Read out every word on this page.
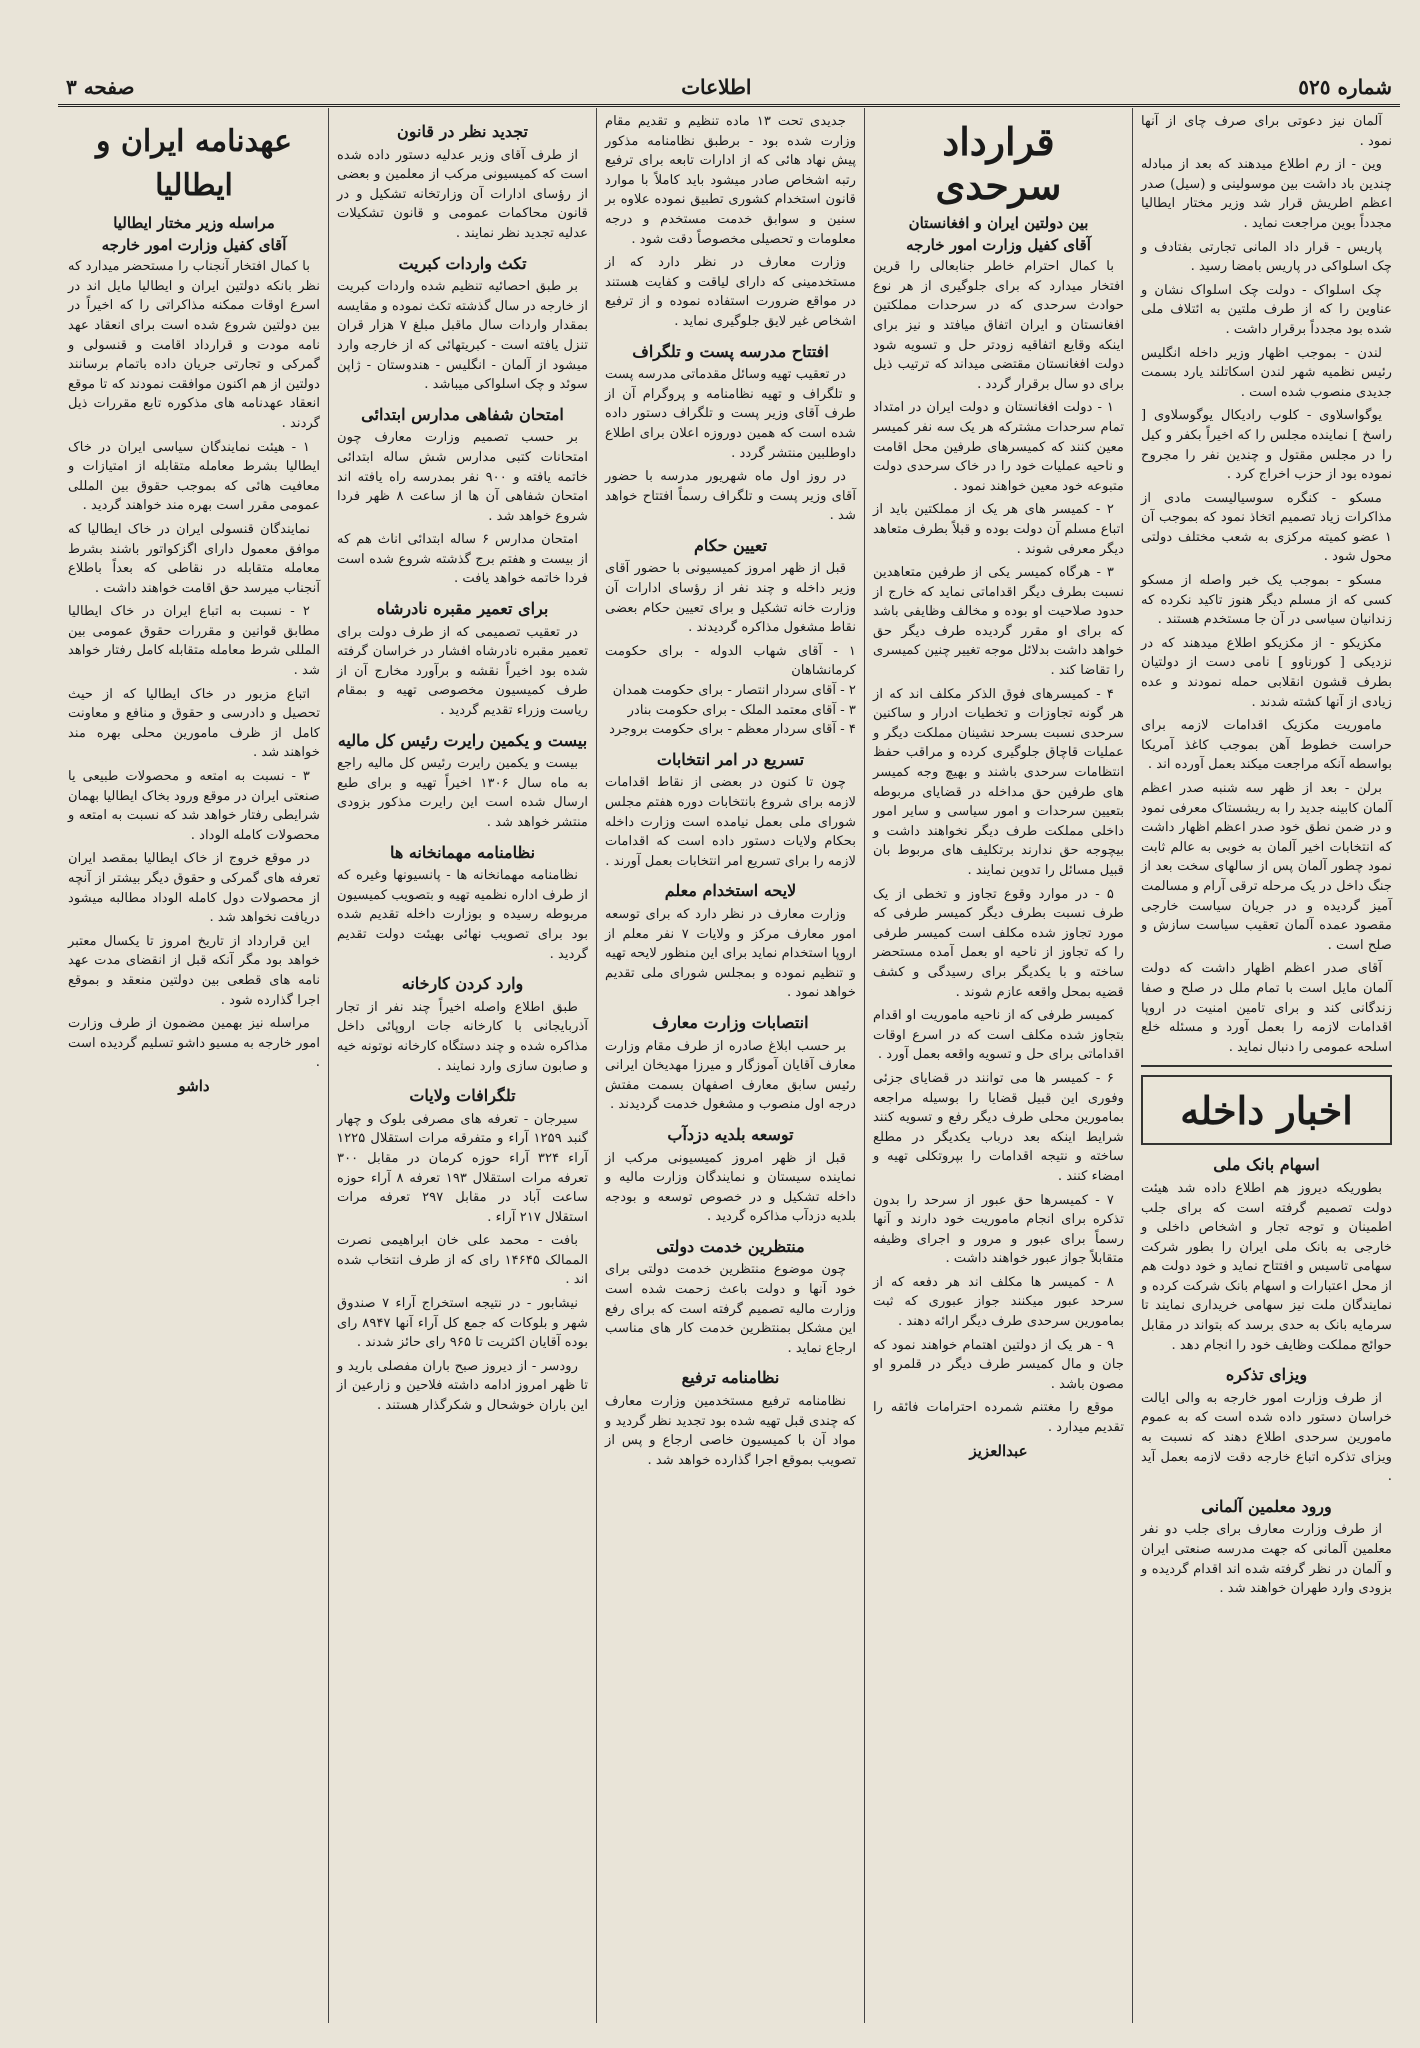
صفحه ٣	اطلاعات	شماره ٥٢٥

آلمان نیز دعوتی برای صرف چای از آنها نمود .

وین - از رم اطلاع میدهند که بعد از مبادله چندین باد داشت بین موسولینی و (سیل) صدر اعظم اطریش قرار شد وزیر مختار ایطالیا مجدداً بوین مراجعت نماید .

پاریس - قرار داد المانی تجارتی بفتادف و چک اسلواکی در پاریس بامضا رسید .

چک اسلواک - دولت چک اسلواک نشان و عناوین را که از طرف ملتین به ائتلاف ملی شده بود مجدداً برقرار داشت .

لندن - بموجب اظهار وزیر داخله انگلیس رئیس نظمیه شهر لندن اسکاتلند یارد بسمت جدیدی منصوب شده است .

یوگواسلاوی - کلوب رادیکال یوگوسلاوی [ راسخ ] نماینده مجلس را که اخیراً بکفر و کیل را در مجلس مقتول و چندین نفر را مجروح نموده بود از حزب اخراج کرد .

مسکو - کنگره سوسیالیست مادی از مذاکرات زیاد تصمیم اتخاذ نمود که بموجب آن ۱ عضو کمیته مرکزی به شعب مختلف دولتی محول شود .

مسکو - بموجب یک خبر واصله از مسکو کسی که از مسلم دیگر هنوز تاکید نکرده که زندانیان سیاسی در آن جا مستخدم هستند .

مکزیکو - از مکزیکو اطلاع میدهند که در نزدیکی [ کورناوو ] نامی دست از دولتیان بطرف قشون انقلابی حمله نمودند و عده زیادی از آنها کشته شدند .

ماموریت مکزیک اقدامات لازمه برای حراست خطوط آهن بموجب کاغذ آمریکا بواسطه آنکه مراجعت میکند بعمل آورده اند .

برلن - بعد از ظهر سه شنبه صدر اعظم آلمان کابینه جدید را به ریشستاک معرفی نمود و در ضمن نطق خود صدر اعظم اظهار داشت که انتخابات اخیر آلمان به خوبی به عالم ثابت نمود چطور آلمان پس از سالهای سخت بعد از جنگ داخل در یک مرحله ترقی آرام و مسالمت آمیز گردیده و در جریان سیاست خارجی مقصود عمده آلمان تعقیب سیاست سازش و صلح است .

آقای صدر اعظم اظهار داشت که دولت آلمان مایل است با تمام ملل در صلح و صفا زندگانی کند و برای تامین امنیت در اروپا اقدامات لازمه را بعمل آورد و مسئله خلع اسلحه عمومی را دنبال نماید .

اخبار داخله
اسهام بانک ملی

بطوریکه دیروز هم اطلاع داده شد هیئت دولت تصمیم گرفته است که برای جلب اطمینان و توجه تجار و اشخاص داخلی و خارجی به بانک ملی ایران را بطور شرکت سهامی تاسیس و افتتاح نماید و خود دولت هم از محل اعتبارات و اسهام بانک شرکت کرده و نمایندگان ملت نیز سهامی خریداری نمایند تا سرمایه بانک به حدی برسد که بتواند در مقابل حوائج مملکت وظایف خود را انجام دهد .

ویزای تذکره

از طرف وزارت امور خارجه به والی ایالت خراسان دستور داده شده است که به عموم مامورین سرحدی اطلاع دهند که نسبت به ویزای تذکره اتباع خارجه دقت لازمه بعمل آید .

ورود معلمین آلمانی

از طرف وزارت معارف برای جلب دو نفر معلمین آلمانی که جهت مدرسه صنعتی ایران و آلمان در نظر گرفته شده اند اقدام گردیده و بزودی وارد طهران خواهند شد .

قرارداد سرحدی
بین دولتین ایران و افغانستان
آقای کفیل وزارت امور خارجه

با کمال احترام خاطر جنابعالی را قرین افتخار میدارد که برای جلوگیری از هر نوع حوادث سرحدی که در سرحدات مملکتین افغانستان و ایران اتفاق میافتد و نیز برای اینکه وقایع اتفاقیه زودتر حل و تسویه شود دولت افغانستان مقتضی میداند که ترتیب ذیل برای دو سال برقرار گردد .

۱ - دولت افغانستان و دولت ایران در امتداد تمام سرحدات مشترکه هر یک سه نفر کمیسر معین کنند که کمیسرهای طرفین محل اقامت و ناحیه عملیات خود را در خاک سرحدی دولت متبوعه خود معین خواهند نمود .

۲ - کمیسر های هر یک از مملکتین باید از اتباع مسلم آن دولت بوده و قبلاً بطرف متعاهد دیگر معرفی شوند .

۳ - هرگاه کمیسر یکی از طرفین متعاهدین نسبت بطرف دیگر اقداماتی نماید که خارج از حدود صلاحیت او بوده و مخالف وظایفی باشد که برای او مقرر گردیده طرف دیگر حق خواهد داشت بدلائل موجه تغییر چنین کمیسری را تقاضا کند .

۴ - کمیسرهای فوق الذکر مکلف اند که از هر گونه تجاوزات و تخطیات ادرار و ساکنین سرحدی نسبت بسرحد نشینان مملکت دیگر و عملیات قاچاق جلوگیری کرده و مراقب حفظ انتظامات سرحدی باشند و بهیچ وجه کمیسر های طرفین حق مداخله در قضایای مربوطه بتعیین سرحدات و امور سیاسی و سایر امور داخلی مملکت طرف دیگر نخواهند داشت و بیچوجه حق ندارند برتکلیف های مربوط بان قبیل مسائل را تدوین نمایند .

۵ - در موارد وقوع تجاوز و تخطی از یک طرف نسبت بطرف دیگر کمیسر طرفی که مورد تجاوز شده مکلف است کمیسر طرفی را که تجاوز از ناحیه او بعمل آمده مستحضر ساخته و با یکدیگر برای رسیدگی و کشف قضیه بمحل واقعه عازم شوند .

کمیسر طرفی که از ناحیه ماموریت او اقدام بتجاوز شده مکلف است که در اسرع اوقات اقداماتی برای حل و تسویه واقعه بعمل آورد .

۶ - کمیسر ها می توانند در قضایای جزئی وفوری این قبیل قضایا را بوسیله مراجعه بمامورین محلی طرف دیگر رفع و تسویه کنند شرایط اینکه بعد درباب یکدیگر در مطلع ساخته و نتیجه اقدامات را بپروتکلی تهیه و امضاء کنند .

۷ - کمیسرها حق عبور از سرحد را بدون تذکره برای انجام ماموریت خود دارند و آنها رسماً برای عبور و مرور و اجرای وظیفه متقابلاً جواز عبور خواهند داشت .

۸ - کمیسر ها مکلف اند هر دفعه که از سرحد عبور میکنند جواز عبوری که ثبت بمامورین سرحدی طرف دیگر ارائه دهند .

۹ - هر یک از دولتین اهتمام خواهند نمود که جان و مال کمیسر طرف دیگر در قلمرو او مصون باشد .

موقع را مغتنم شمرده احترامات فائقه را تقدیم میدارد .

عبدالعزیز

جدیدی تحت ۱۳ ماده تنظیم و تقدیم مقام وزارت شده بود - برطبق نظامنامه مذکور پیش نهاد هائی که از ادارات تابعه برای ترفیع رتبه اشخاص صادر میشود باید کاملاً با موارد قانون استخدام کشوری تطبیق نموده علاوه بر سنین و سوابق خدمت مستخدم و درجه معلومات و تحصیلی مخصوصاً دقت شود .

وزارت معارف در نظر دارد که از مستخدمینی که دارای لیاقت و کفایت هستند در مواقع ضرورت استفاده نموده و از ترفیع اشخاص غیر لایق جلوگیری نماید .

افتتاح مدرسه پست و تلگراف

در تعقیب تهیه وسائل مقدماتی مدرسه پست و تلگراف و تهیه نظامنامه و پروگرام آن از طرف آقای وزیر پست و تلگراف دستور داده شده است که همین دوروزه اعلان برای اطلاع داوطلبین منتشر گردد .

در روز اول ماه شهریور مدرسه با حضور آقای وزیر پست و تلگراف رسماً افتتاح خواهد شد .

تعیین حکام

قبل از ظهر امروز کمیسیونی با حضور آقای وزیر داخله و چند نفر از رؤسای ادارات آن وزارت خانه تشکیل و برای تعیین حکام بعضی نقاط مشغول مذاکره گردیدند .

۱ - آقای شهاب الدوله - برای حکومت کرمانشاهان
۲ - آقای سردار انتصار - برای حکومت همدان
۳ - آقای معتمد الملک - برای حکومت بنادر
۴ - آقای سردار معظم - برای حکومت بروجرد
تسریع در امر انتخابات

چون تا کنون در بعضی از نقاط اقدامات لازمه برای شروع بانتخابات دوره هفتم مجلس شورای ملی بعمل نیامده است وزارت داخله بحکام ولایات دستور داده است که اقدامات لازمه را برای تسریع امر انتخابات بعمل آورند .

لایحه استخدام معلم

وزارت معارف در نظر دارد که برای توسعه امور معارف مرکز و ولایات ۷ نفر معلم از اروپا استخدام نماید برای این منظور لایحه تهیه و تنظیم نموده و بمجلس شورای ملی تقدیم خواهد نمود .

انتصابات وزارت معارف

بر حسب ابلاغ صادره از طرف مقام وزارت معارف آقایان آموزگار و میرزا مهدیخان ایرانی رئیس سابق معارف اصفهان بسمت مفتش درجه اول منصوب و مشغول خدمت گردیدند .

توسعه بلدیه دزدآب

قبل از ظهر امروز کمیسیونی مرکب از نماینده سیستان و نمایندگان وزارت مالیه و داخله تشکیل و در خصوص توسعه و بودجه بلدیه دزدآب مذاکره گردید .

منتظرین خدمت دولتی

چون موضوع منتظرین خدمت دولتی برای خود آنها و دولت باعث زحمت شده است وزارت مالیه تصمیم گرفته است که برای رفع این مشکل بمنتظرین خدمت کار های مناسب ارجاع نماید .

نظامنامه ترفیع

نظامنامه ترفیع مستخدمین وزارت معارف که چندی قبل تهیه شده بود تجدید نظر گردید و مواد آن با کمیسیون خاصی ارجاع و پس از تصویب بموقع اجرا گذارده خواهد شد .

تجدید نظر در قانون

از طرف آقای وزیر عدلیه دستور داده شده است که کمیسیونی مرکب از معلمین و بعضی از رؤسای ادارات آن وزارتخانه تشکیل و در قانون محاکمات عمومی و قانون تشکیلات عدلیه تجدید نظر نمایند .

تکث واردات کبریت

بر طبق احصائیه تنظیم شده واردات کبریت از خارجه در سال گذشته تکث نموده و مقایسه بمقدار واردات سال ماقبل مبلغ ۷ هزار قران تنزل یافته است - کبریتهائی که از خارجه وارد میشود از آلمان - انگلیس - هندوستان - ژاپن سوئد و چک اسلواکی میباشد .

امتحان شفاهی مدارس ابتدائی

بر حسب تصمیم وزارت معارف چون امتحانات کتبی مدارس شش ساله ابتدائی خاتمه یافته و ۹۰۰ نفر بمدرسه راه یافته اند امتحان شفاهی آن ها از ساعت ۸ ظهر فردا شروع خواهد شد .

امتحان مدارس ۶ ساله ابتدائی اناث هم که از بیست و هفتم برج گذشته شروع شده است فردا خاتمه خواهد یافت .

برای تعمیر مقبره نادرشاه

در تعقیب تصمیمی که از طرف دولت برای تعمیر مقبره نادرشاه افشار در خراسان گرفته شده بود اخیراً نقشه و برآورد مخارج آن از طرف کمیسیون مخصوصی تهیه و بمقام ریاست وزراء تقدیم گردید .

بیست و یکمین رایرت رئیس کل مالیه

بیست و یکمین رایرت رئیس کل مالیه راجع به ماه سال ۱۳۰۶ اخیراً تهیه و برای طبع ارسال شده است این رایرت مذکور بزودی منتشر خواهد شد .

نظامنامه مهمانخانه ها

نظامنامه مهمانخانه ها - پانسیونها وغیره که از طرف اداره نظمیه تهیه و بتصویب کمیسیون مربوطه رسیده و بوزارت داخله تقدیم شده بود برای تصویب نهائی بهیئت دولت تقدیم گردید .

وارد کردن کارخانه

طبق اطلاع واصله اخیراً چند نفر از تجار آذربایجانی با کارخانه جات اروپائی داخل مذاکره شده و چند دستگاه کارخانه نوتونه خیه و صابون سازی وارد نمایند .

تلگرافات ولایات

سیرجان - تعرفه های مصرفی بلوک و چهار گنبد ۱۲۵۹ آراء و متفرقه مرات استقلال ۱۲۲۵ آراء ۳۲۴ آراء حوزه کرمان در مقابل ۳۰۰ تعرفه مرات استقلال ۱۹۳ تعرفه ۸ آراء حوزه ساعت آباد در مقابل ۲۹۷ تعرفه مرات استقلال ۲۱۷ آراء .

بافت - محمد علی خان ابراهیمی نصرت الممالک ۱۴۶۴۵ رای که از طرف انتخاب شده اند .

نیشابور - در نتیجه استخراج آراء ۷ صندوق شهر و بلوکات که جمع کل آراء آنها ۸۹۴۷ رای بوده آقایان اکثریت تا ۹۶۵ رای حائز شدند .

رودسر - از دیروز صبح باران مفصلی بارید و تا ظهر امروز ادامه داشته فلاحین و زارعین از این باران خوشحال و شکرگذار هستند .

عهدنامه ایران و ایطالیا
مراسله وزیر مختار ایطالیا
آقای کفیل وزارت امور خارجه

با کمال افتخار آنجناب را مستحضر میدارد که نظر بانکه دولتین ایران و ایطالیا مایل اند در اسرع اوقات ممکنه مذاکراتی را که اخیراً در بین دولتین شروع شده است برای انعقاد عهد نامه مودت و قرارداد اقامت و قنسولی و گمرکی و تجارتی جریان داده باتمام برسانند دولتین از هم اکنون موافقت نمودند که تا موقع انعقاد عهدنامه های مذکوره تابع مقررات ذیل گردند .

۱ - هیئت نمایندگان سیاسی ایران در خاک ایطالیا بشرط معامله متقابله از امتیازات و معافیت هائی که بموجب حقوق بین المللی عمومی مقرر است بهره مند خواهند گردید .

نمایندگان قنسولی ایران در خاک ایطالیا که موافق معمول دارای اگزکواتور باشند بشرط معامله متقابله در نقاطی که بعداً باطلاع آنجناب میرسد حق اقامت خواهند داشت .

۲ - نسبت به اتباع ایران در خاک ایطالیا مطابق قوانین و مقررات حقوق عمومی بین المللی شرط معامله متقابله کامل رفتار خواهد شد .

اتباع مزبور در خاک ایطالیا که از حیث تحصیل و دادرسی و حقوق و منافع و معاونت کامل از ظرف مامورین محلی بهره مند خواهند شد .

۳ - نسبت به امتعه و محصولات طبیعی یا صنعتی ایران در موقع ورود بخاک ایطالیا بهمان شرایطی رفتار خواهد شد که نسبت به امتعه و محصولات کامله الوداد .

در موقع خروج از خاک ایطالیا بمقصد ایران تعرفه های گمرکی و حقوق دیگر بیشتر از آنچه از محصولات دول کامله الوداد مطالبه میشود دریافت نخواهد شد .

این قرارداد از تاریخ امروز تا یکسال معتبر خواهد بود مگر آنکه قبل از انقضای مدت عهد نامه های قطعی بین دولتین منعقد و بموقع اجرا گذارده شود .

مراسله نیز بهمین مضمون از طرف وزارت امور خارجه به مسیو داشو تسلیم گردیده است .

داشو
